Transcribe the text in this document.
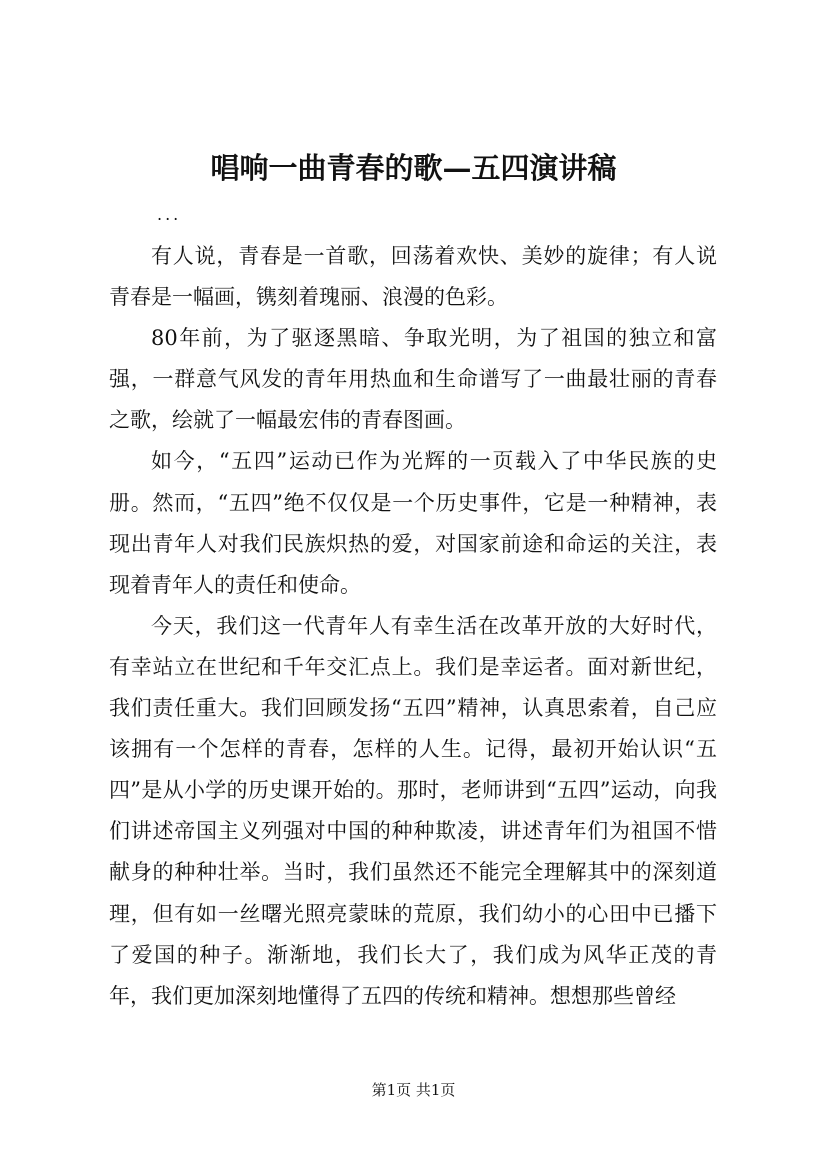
唱响一曲青春的歌—五四演讲稿

...

有人说，青春是一首歌，回荡着欢快、美妙的旋律；有人说青春是一幅画，镌刻着瑰丽、浪漫的色彩。

80年前，为了驱逐黑暗、争取光明，为了祖国的独立和富强，一群意气风发的青年用热血和生命谱写了一曲最壮丽的青春之歌，绘就了一幅最宏伟的青春图画。

如今，“五四”运动已作为光辉的一页载入了中华民族的史册。然而，“五四”绝不仅仅是一个历史事件，它是一种精神，表现出青年人对我们民族炽热的爱，对国家前途和命运的关注，表现着青年人的责任和使命。

今天，我们这一代青年人有幸生活在改革开放的大好时代，有幸站立在世纪和千年交汇点上。我们是幸运者。面对新世纪，我们责任重大。我们回顾发扬“五四”精神，认真思索着，自己应该拥有一个怎样的青春，怎样的人生。记得，最初开始认识“五四”是从小学的历史课开始的。那时，老师讲到“五四”运动，向我们讲述帝国主义列强对中国的种种欺凌，讲述青年们为祖国不惜献身的种种壮举。当时，我们虽然还不能完全理解其中的深刻道理，但有如一丝曙光照亮蒙昧的荒原，我们幼小的心田中已播下了爱国的种子。渐渐地，我们长大了，我们成为风华正茂的青年，我们更加深刻地懂得了五四的传统和精神。想想那些曾经

第1页 共1页
